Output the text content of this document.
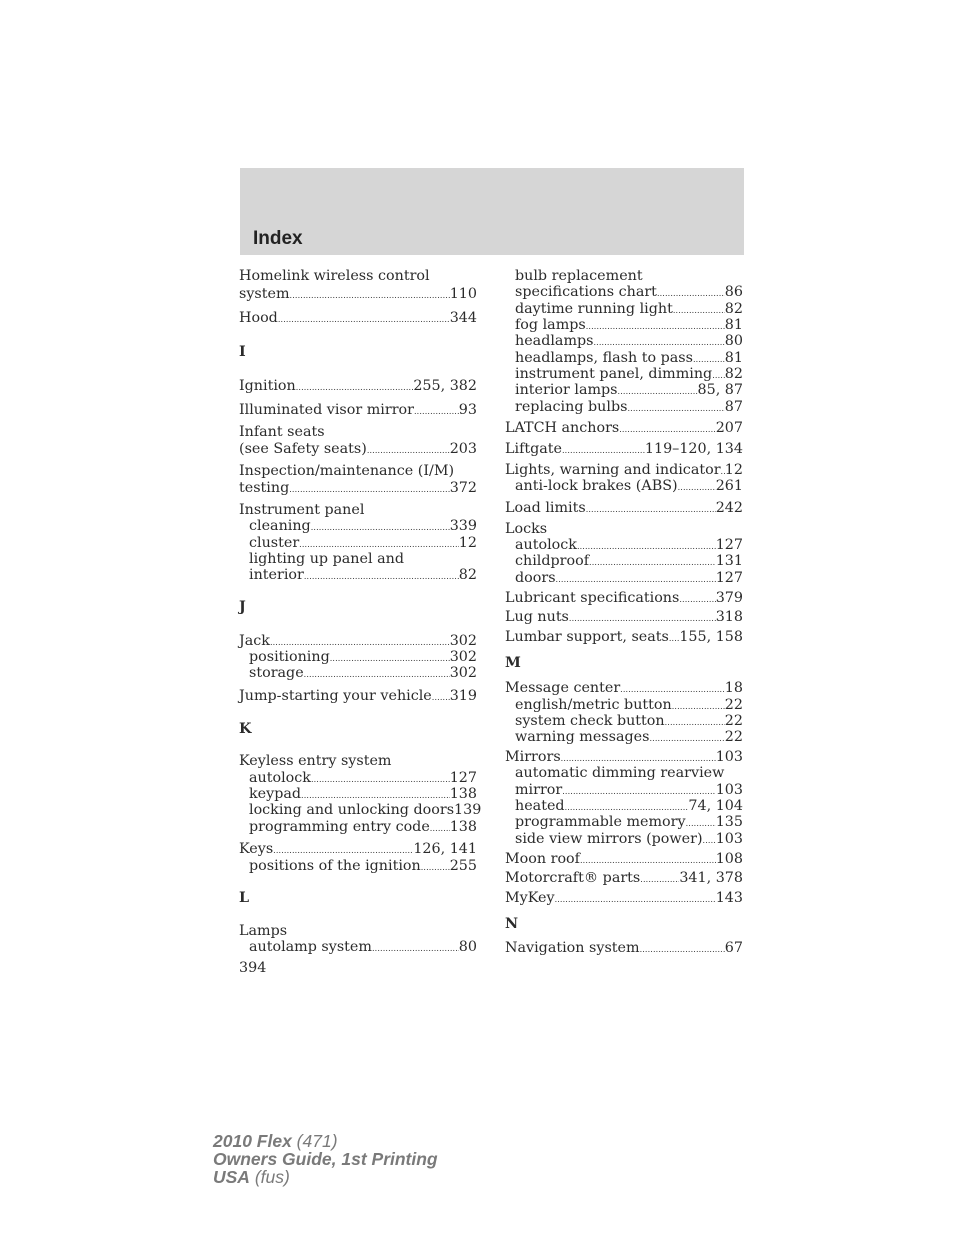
Index
Homelink wireless control
system . . .	110
Hood . . .	344
I
Ignition . . .	255, 382
Illuminated visor mirror . . .	93
Infant seats
(see Safety seats) . . .	203
Inspection/maintenance (I/M)
testing . . .	372
Instrument panel
cleaning . . .	339
cluster . . .	12
lighting up panel and
interior . . .	82
J
Jack . . .	302
positioning . . .	302
storage . . .	302
Jump-starting your vehicle . . . 319
K
Keyless entry system
autolock . . .	127
keypad . . .	138
locking and unlocking doors 139
programming entry code . . . 138
Keys . . .	126, 141
positions of the ignition . . . 255
L
Lamps
autolamp system . . .	80
bulb replacement
specifications chart . . .	86
daytime running light . . .	82
fog lamps . . .	81
headlamps . . .	80
headlamps, flash to pass . . . 81
instrument panel, dimming . . . 82
interior lamps . . .	85, 87
replacing bulbs . . .	87
LATCH anchors . . .	207
Liftgate . . .	119–120, 134
Lights, warning and indicator . . . 12
anti-lock brakes (ABS) . . .	261
Load limits . . .	242
Locks
autolock . . .	127
childproof . . .	131
doors . . .	127
Lubricant specifications . . .	379
Lug nuts . . .	318
Lumbar support, seats . . . 155, 158
M
Message center . . .	18
english/metric button . . .	22
system check button . . .	22
warning messages . . .	22
Mirrors . . .	103
automatic dimming rearview
mirror . . .	103
heated . . .	74, 104
programmable memory . . . 135
side view mirrors (power) . . . 103
Moon roof . . .	108
Motorcraft® parts . . .	341, 378
MyKey . . .	143
N
Navigation system . . .	67
394
2010 Flex (471)
Owners Guide, 1st Printing
USA (fus)
